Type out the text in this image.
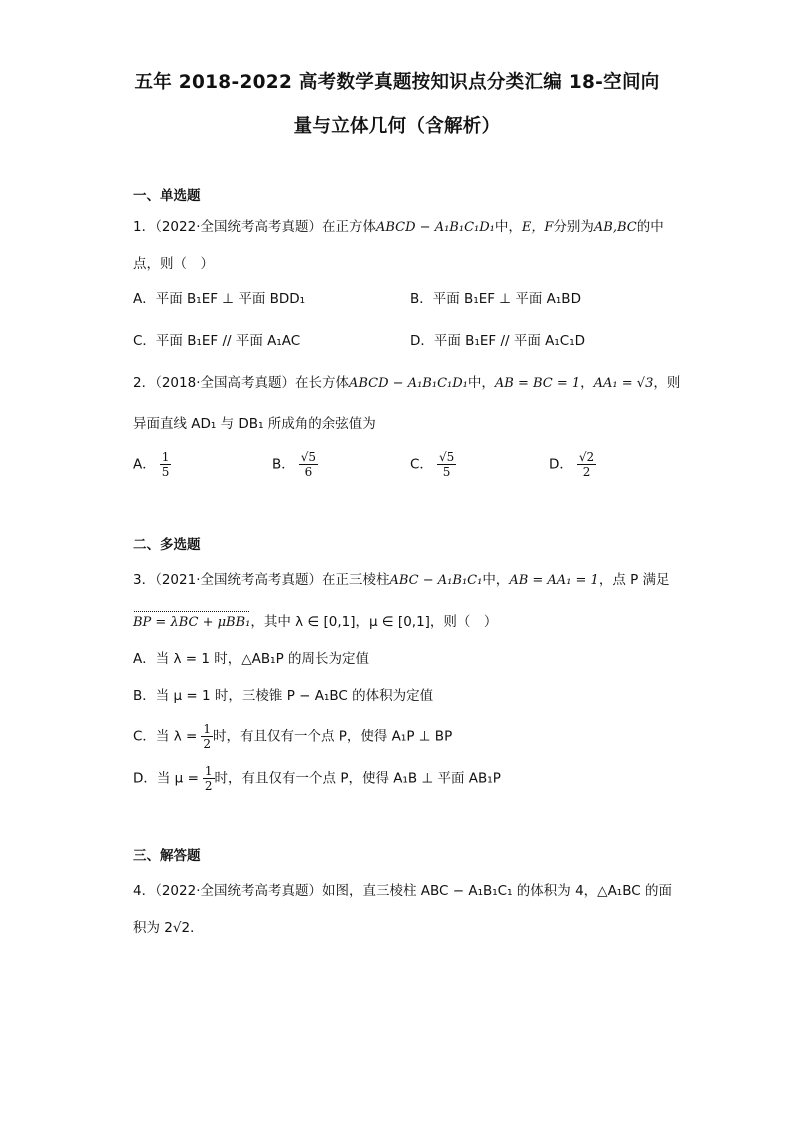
五年 2018-2022 高考数学真题按知识点分类汇编 18-空间向
量与立体几何（含解析）
一、单选题
1．（2022·全国统考高考真题）在正方体ABCD − A₁B₁C₁D₁中，E，F分别为AB,BC的中
点，则（　）
A．平面 B₁EF ⊥ 平面 BDD₁	B．平面 B₁EF ⊥ 平面 A₁BD
C．平面 B₁EF // 平面 A₁AC	D．平面 B₁EF // 平面 A₁C₁D
2．（2018·全国高考真题）在长方体ABCD − A₁B₁C₁D₁中，AB = BC = 1，AA₁ = √3，则
异面直线 AD₁ 与 DB₁ 所成角的余弦值为
A． $\frac{1}{5}$	B． $\frac{√5}{6}$	C． $\frac{√5}{5}$	D． $\frac{√2}{2}$
二、多选题
3．（2021·全国统考高考真题）在正三棱柱ABC − A₁B₁C₁中，AB = AA₁ = 1，点 P 满足
BP = λBC + μBB₁，其中 λ ∈ [0,1]，μ ∈ [0,1]，则（　）
A．当 λ = 1 时，△AB₁P 的周长为定值
B．当 μ = 1 时，三棱锥 P − A₁BC 的体积为定值
C．当 $\lambda = \frac{1}{2}$ 时，有且仅有一个点 P，使得 A₁P ⊥ BP
D．当 $\mu = \frac{1}{2}$ 时，有且仅有一个点 P，使得 A₁B ⊥ 平面 AB₁P
三、解答题
4．（2022·全国统考高考真题）如图，直三棱柱 ABC − A₁B₁C₁ 的体积为 4，△A₁BC 的面
积为 2√2．
